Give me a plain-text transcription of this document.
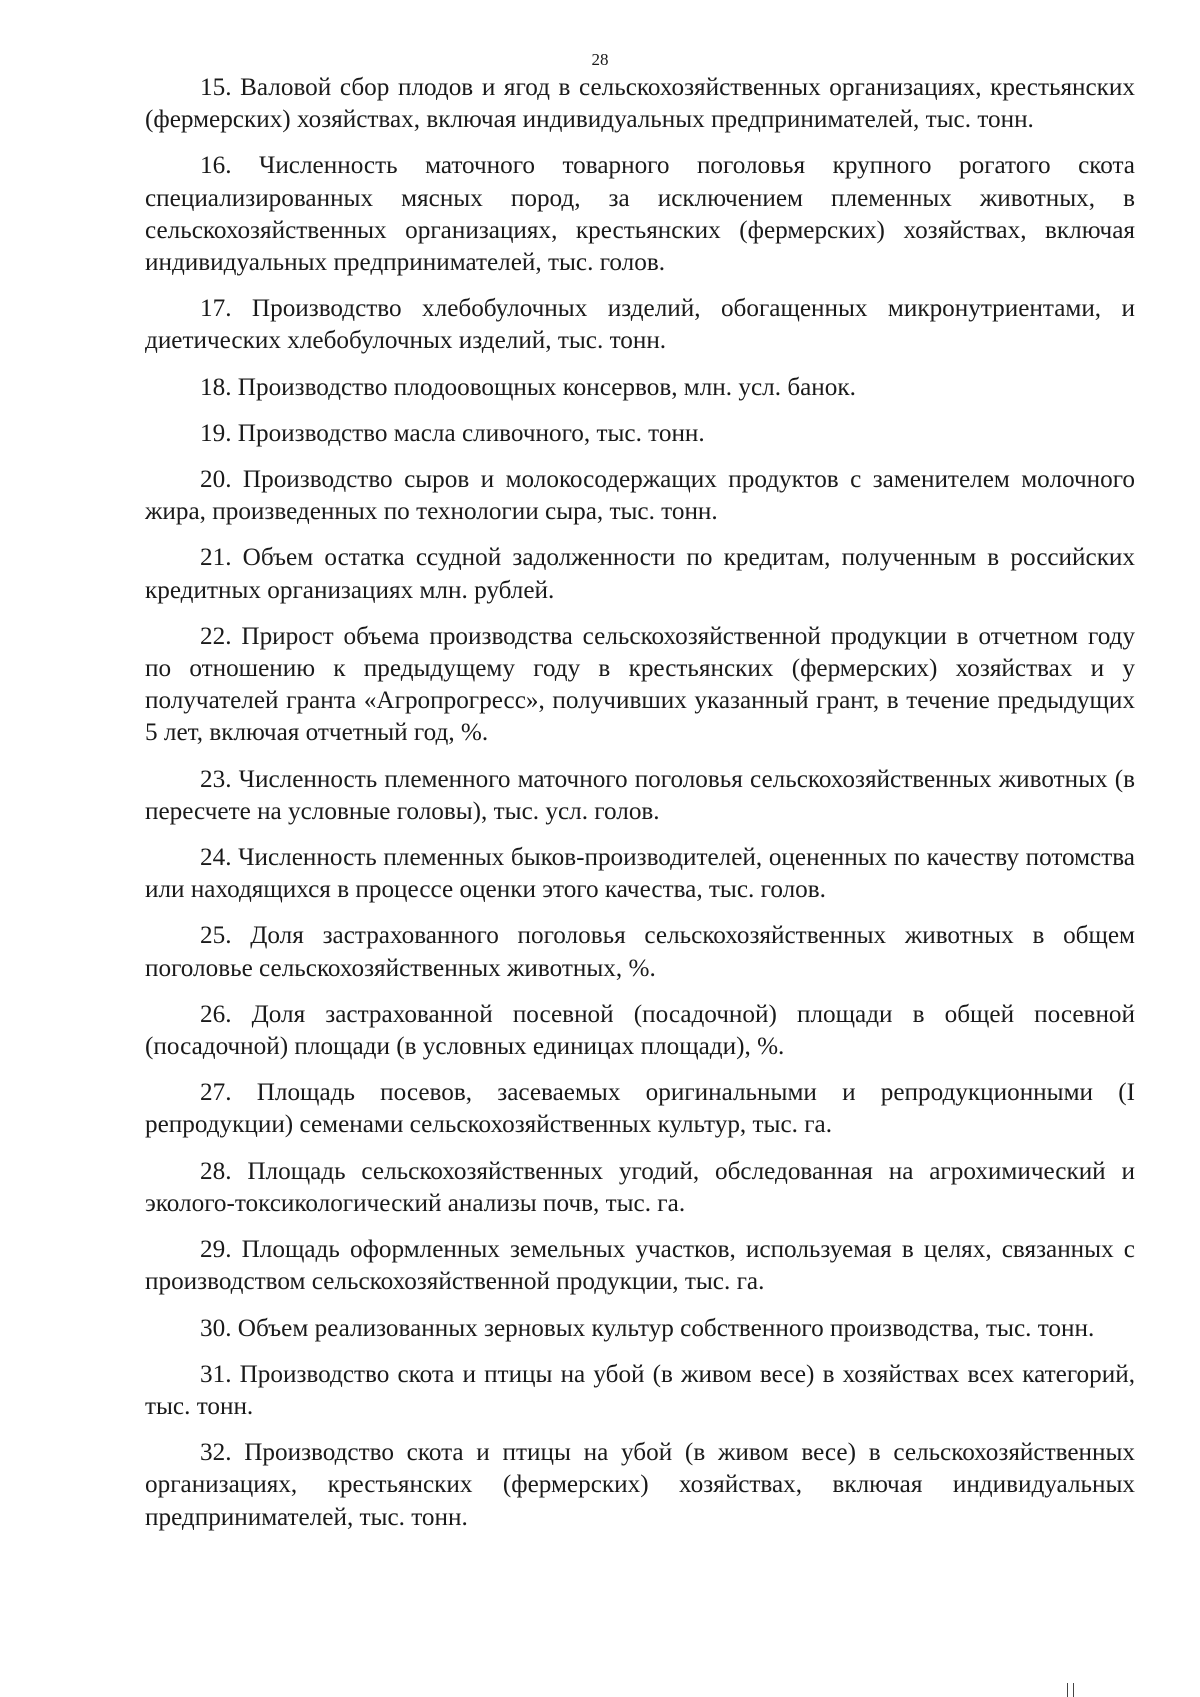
28

15. Валовой сбор плодов и ягод в сельскохозяйственных организациях, крестьянских (фермерских) хозяйствах, включая индивидуальных предпринимателей, тыс. тонн.

16. Численность маточного товарного поголовья крупного рогатого скота специализированных мясных пород, за исключением племенных животных, в сельскохозяйственных организациях, крестьянских (фермерских) хозяйствах, включая индивидуальных предпринимателей, тыс. голов.

17. Производство хлебобулочных изделий, обогащенных микронутриентами, и диетических хлебобулочных изделий, тыс. тонн.

18. Производство плодоовощных консервов, млн. усл. банок.

19. Производство масла сливочного, тыс. тонн.

20. Производство сыров и молокосодержащих продуктов с заменителем молочного жира, произведенных по технологии сыра, тыс. тонн.

21. Объем остатка ссудной задолженности по кредитам, полученным в российских кредитных организациях млн. рублей.

22. Прирост объема производства сельскохозяйственной продукции в отчетном году по отношению к предыдущему году в крестьянских (фермерских) хозяйствах и у получателей гранта «Агропрогресс», получивших указанный грант, в течение предыдущих 5 лет, включая отчетный год, %.

23. Численность племенного маточного поголовья сельскохозяйственных животных (в пересчете на условные головы), тыс. усл. голов.

24. Численность племенных быков-производителей, оцененных по качеству потомства или находящихся в процессе оценки этого качества, тыс. голов.

25. Доля застрахованного поголовья сельскохозяйственных животных в общем поголовье сельскохозяйственных животных, %.

26. Доля застрахованной посевной (посадочной) площади в общей посевной (посадочной) площади (в условных единицах площади), %.

27. Площадь посевов, засеваемых оригинальными и репродукционными (I репродукции) семенами сельскохозяйственных культур, тыс. га.

28. Площадь сельскохозяйственных угодий, обследованная на агрохимический и эколого-токсикологический анализы почв, тыс. га.

29. Площадь оформленных земельных участков, используемая в целях, связанных с производством сельскохозяйственной продукции, тыс. га.

30. Объем реализованных зерновых культур собственного производства, тыс. тонн.

31. Производство скота и птицы на убой (в живом весе) в хозяйствах всех категорий, тыс. тонн.

32. Производство скота и птицы на убой (в живом весе) в сельскохозяйственных организациях, крестьянских (фермерских) хозяйствах, включая индивидуальных предпринимателей, тыс. тонн.
